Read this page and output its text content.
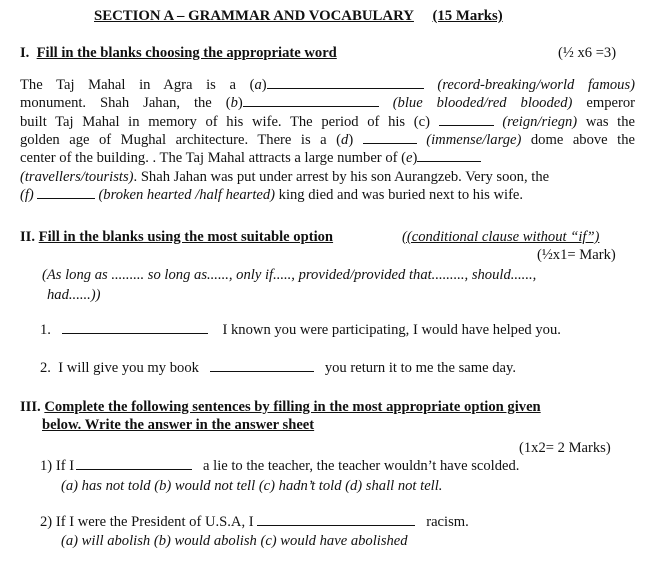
SECTION A – GRAMMAR AND VOCABULARY (15 Marks)
I. Fill in the blanks choosing the appropriate word	(½ x6 =3)
The Taj Mahal in Agra is a (a)	(record-breaking/world famous)
monument. Shah Jahan, the (b)	(blue blooded/red blooded) emperor
built Taj Mahal in memory of his wife. The period of his (c)	(reign/riegn) was the
golden age of Mughal architecture. There is a (d)	(immense/large) dome above the
center of the building. . The Taj Mahal attracts a large number of (e)
(travellers/tourists). Shah Jahan was put under arrest by his son Aurangzeb. Very soon, the
(f)	(broken hearted /half hearted) king died and was buried next to his wife.
II. Fill in the blanks using the most suitable option	((conditional clause without “if”)
(½x1= Mark)
(As long as ......... so long as......, only if....., provided/provided that........., should......,
had......))
1.	I known you were participating, I would have helped you.
2. I will give you my book	you return it to me the same day.
III. Complete the following sentences by filling in the most appropriate option given
below. Write the answer in the answer sheet
(1x2= 2 Marks)
1) If I	a lie to the teacher, the teacher wouldn’t have scolded.
(a) has not told (b) would not tell (c) hadn’t told (d) shall not tell.
2) If I were the President of U.S.A, I	racism.
(a) will abolish (b) would abolish (c) would have abolished
